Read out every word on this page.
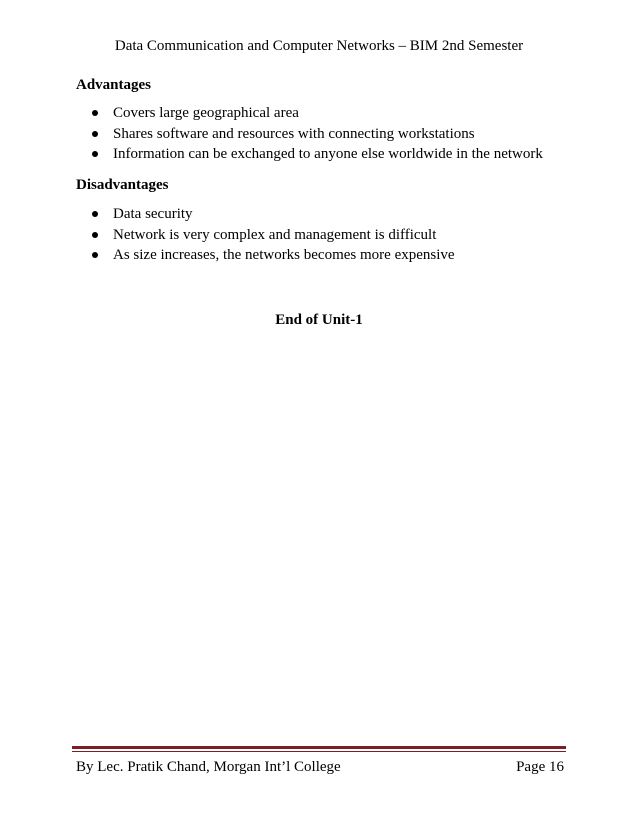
Data Communication and Computer Networks – BIM 2nd Semester
Advantages
Covers large geographical area
Shares software and resources with connecting workstations
Information can be exchanged to anyone else worldwide in the network
Disadvantages
Data security
Network is very complex and management is difficult
As size increases, the networks becomes more expensive
End of Unit-1
By Lec. Pratik Chand, Morgan Int’l College	Page 16
